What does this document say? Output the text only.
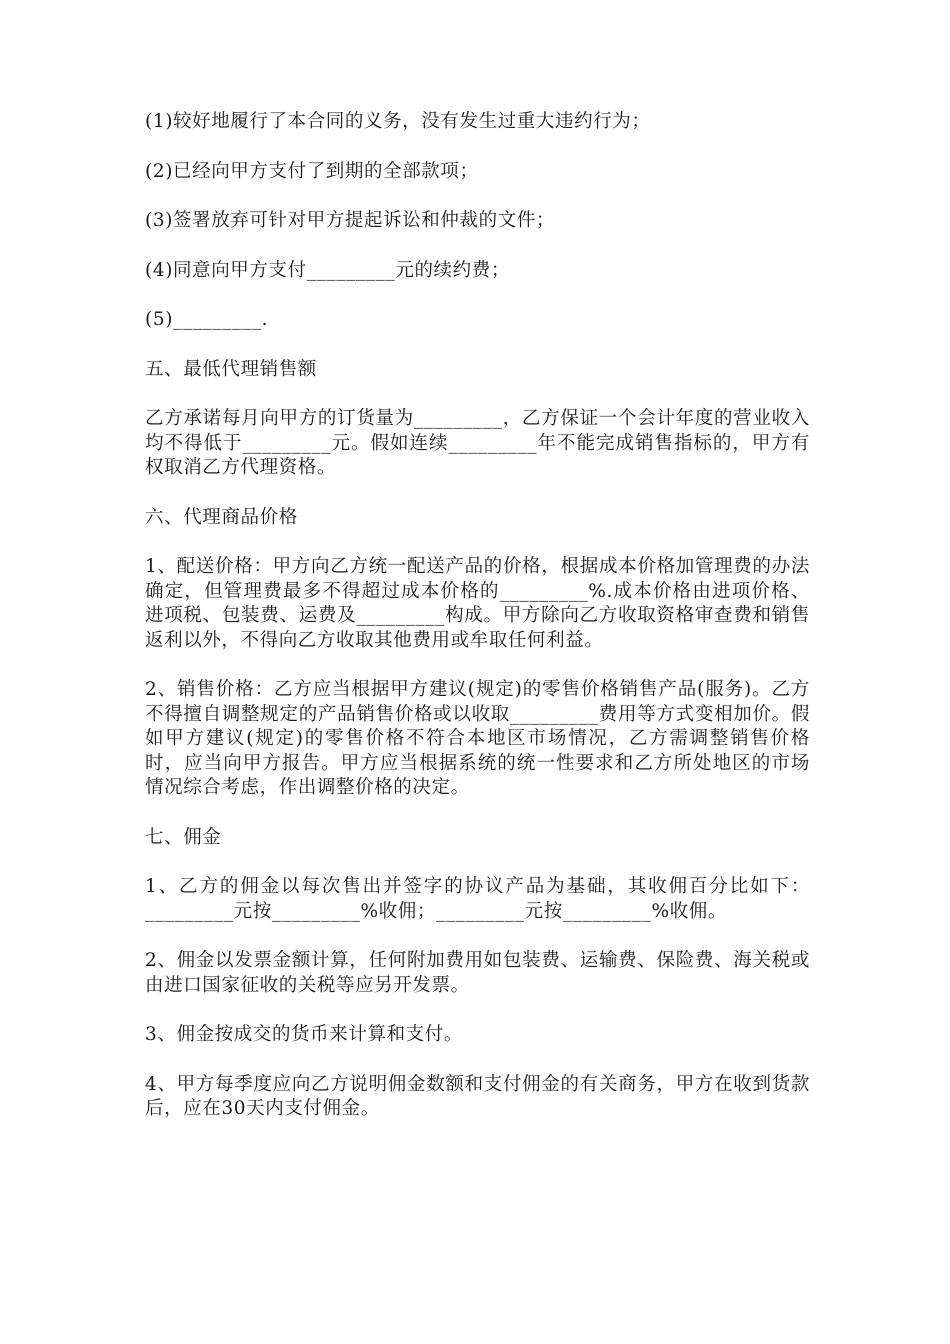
(1)较好地履行了本合同的义务，没有发生过重大违约行为；

(2)已经向甲方支付了到期的全部款项；

(3)签署放弃可针对甲方提起诉讼和仲裁的文件；

(4)同意向甲方支付_________元的续约费；

(5)_________.

五、最低代理销售额

乙方承诺每月向甲方的订货量为_________，乙方保证一个会计年度的营业收入均不得低于_________元。假如连续_________年不能完成销售指标的，甲方有权取消乙方代理资格。

六、代理商品价格

1、配送价格：甲方向乙方统一配送产品的价格，根据成本价格加管理费的办法确定，但管理费最多不得超过成本价格的_________%.成本价格由进项价格、进项税、包装费、运费及_________构成。甲方除向乙方收取资格审查费和销售返利以外，不得向乙方收取其他费用或牟取任何利益。

2、销售价格：乙方应当根据甲方建议(规定)的零售价格销售产品(服务)。乙方不得擅自调整规定的产品销售价格或以收取_________费用等方式变相加价。假如甲方建议(规定)的零售价格不符合本地区市场情况，乙方需调整销售价格时，应当向甲方报告。甲方应当根据系统的统一性要求和乙方所处地区的市场情况综合考虑，作出调整价格的决定。

七、佣金

1、乙方的佣金以每次售出并签字的协议产品为基础，其收佣百分比如下：_________元按_________%收佣；_________元按_________%收佣。

2、佣金以发票金额计算，任何附加费用如包装费、运输费、保险费、海关税或由进口国家征收的关税等应另开发票。

3、佣金按成交的货币来计算和支付。

4、甲方每季度应向乙方说明佣金数额和支付佣金的有关商务，甲方在收到货款后，应在30天内支付佣金。
